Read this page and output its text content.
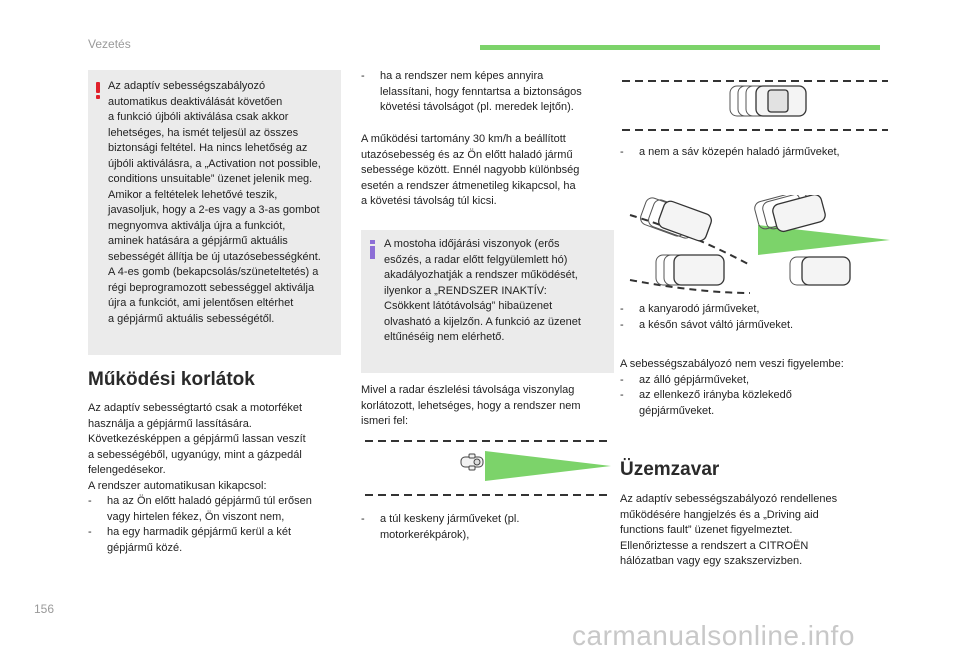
Vezetés
Az adaptív sebességszabályozó
automatikus deaktiválását követően
a funkció újbóli aktiválása csak akkor
lehetséges, ha ismét teljesül az összes
biztonsági feltétel. Ha nincs lehetőség az
újbóli aktiválásra, a „Activation not possible,
conditions unsuitable” üzenet jelenik meg.
Amikor a feltételek lehetővé teszik,
javasoljuk, hogy a 2-es vagy a 3-as gombot
megnyomva aktiválja újra a funkciót,
aminek hatására a gépjármű aktuális
sebességét állítja be új utazósebességként.
A 4-es gomb (bekapcsolás/szüneteltetés) a
régi beprogramozott sebességgel aktiválja
újra a funkciót, ami jelentősen eltérhet
a gépjármű aktuális sebességétől.
Működési korlátok
Az adaptív sebességtartó csak a motorféket
használja a gépjármű lassítására.
Következésképpen a gépjármű lassan veszít
a sebességéből, ugyanúgy, mint a gázpedál
felengedésekor.
A rendszer automatikusan kikapcsol:
- ha az Ön előtt haladó gépjármű túl erősen
vagy hirtelen fékez, Ön viszont nem,
- ha egy harmadik gépjármű kerül a két
gépjármű közé.
- ha a rendszer nem képes annyira
lelassítani, hogy fenntartsa a biztonságos
követési távolságot (pl. meredek lejtőn).
A működési tartomány 30 km/h a beállított
utazósebesség és az Ön előtt haladó jármű
sebessége között. Ennél nagyobb különbség
esetén a rendszer átmenetileg kikapcsol, ha
a követési távolság túl kicsi.
A mostoha időjárási viszonyok (erős
esőzés, a radar előtt felgyülemlett hó)
akadályozhatják a rendszer működését,
ilyenkor a „RENDSZER INAKTÍV:
Csökkent látótávolság” hibaüzenet
olvasható a kijelzőn. A funkció az üzenet
eltűnéséig nem elérhető.
Mivel a radar észlelési távolsága viszonylag
korlátozott, lehetséges, hogy a rendszer nem
ismeri fel:
- a túl keskeny járműveket (pl.
motorkerékpárok),
- a nem a sáv közepén haladó járműveket,
- a kanyarodó járműveket,
- a későn sávot váltó járműveket.
A sebességszabályozó nem veszi figyelembe:
- az álló gépjárműveket,
- az ellenkező irányba közlekedő
gépjárműveket.
Üzemzavar
Az adaptív sebességszabályozó rendellenes
működésére hangjelzés és a „Driving aid
functions fault” üzenet figyelmeztet.
Ellenőriztesse a rendszert a CITROËN
hálózatban vagy egy szakszervizben.
156
carmanualsonline.info
